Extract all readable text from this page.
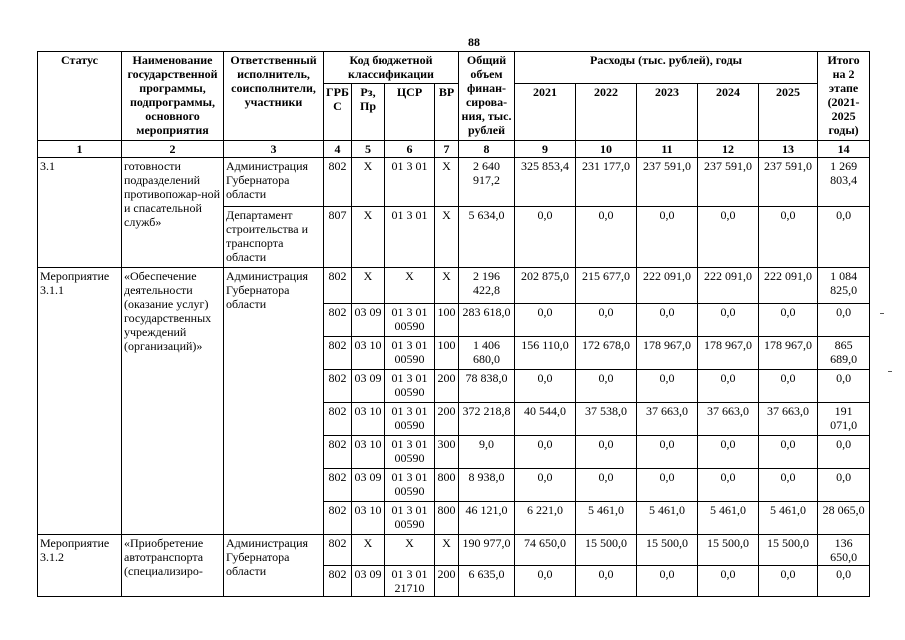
88
Статус	Наименование государственной программы, подпрограммы, основного мероприятия	Ответственный исполнитель, соисполнители, участники	Код бюджетной классификации				Общий объем финан-сирова-ния, тыс. рублей	Расходы (тыс. рублей), годы					Итого на 2 этапе (2021-2025 годы)
			ГРБС	Рз, Пр	ЦСР	ВР		2021	2022	2023	2024	2025	
1	2	3	4	5	6	7	8	9	10	11	12	13	14
3.1	готовности подразделений противопожар-ной и спасательной служб»	Администрация Губернатора области	802	Х	01 3 01	Х	2 640 917,2	325 853,4	231 177,0	237 591,0	237 591,0	237 591,0	1 269 803,4
		Департамент строительства и транспорта области	807	Х	01 3 01	Х	5 634,0	0,0	0,0	0,0	0,0	0,0	0,0
Мероприятие 3.1.1	«Обеспечение деятельности (оказание услуг) государственных учреждений (организаций)»	Администрация Губернатора области	802	Х	Х	Х	2 196 422,8	202 875,0	215 677,0	222 091,0	222 091,0	222 091,0	1 084 825,0
			802	03 09	01 3 01 00590	100	283 618,0	0,0	0,0	0,0	0,0	0,0	0,0
			802	03 10	01 3 01 00590	100	1 406 680,0	156 110,0	172 678,0	178 967,0	178 967,0	178 967,0	865 689,0
			802	03 09	01 3 01 00590	200	78 838,0	0,0	0,0	0,0	0,0	0,0	0,0
			802	03 10	01 3 01 00590	200	372 218,8	40 544,0	37 538,0	37 663,0	37 663,0	37 663,0	191 071,0
			802	03 10	01 3 01 00590	300	9,0	0,0	0,0	0,0	0,0	0,0	0,0
			802	03 09	01 3 01 00590	800	8 938,0	0,0	0,0	0,0	0,0	0,0	0,0
			802	03 10	01 3 01 00590	800	46 121,0	6 221,0	5 461,0	5 461,0	5 461,0	5 461,0	28 065,0
Мероприятие 3.1.2	«Приобретение автотранспорта (специализиро-	Администрация Губернатора области	802	Х	Х	Х	190 977,0	74 650,0	15 500,0	15 500,0	15 500,0	15 500,0	136 650,0
			802	03 09	01 3 01 21710	200	6 635,0	0,0	0,0	0,0	0,0	0,0	0,0
